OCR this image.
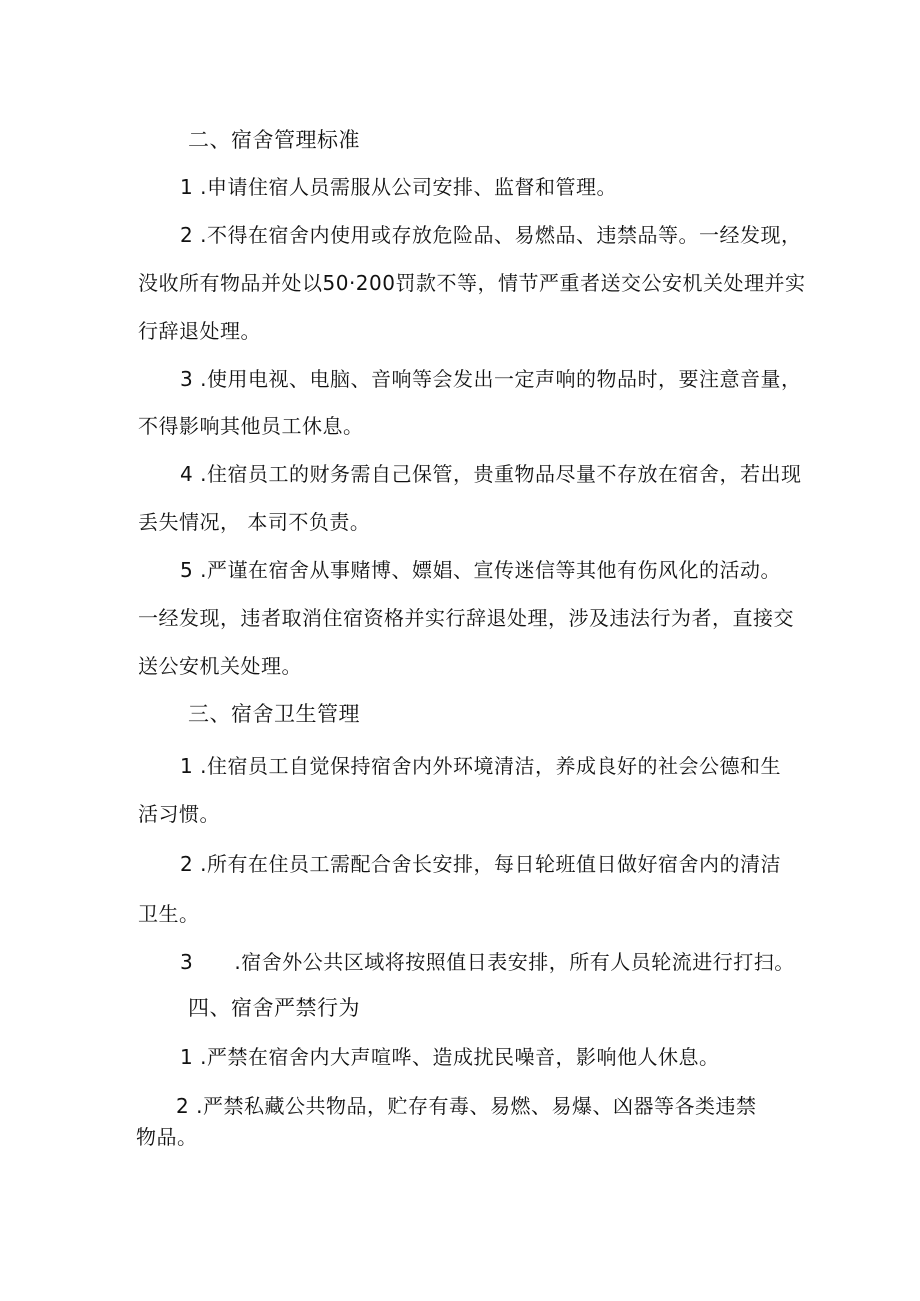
二、宿舍管理标准
1 .申请住宿人员需服从公司安排、监督和管理。
2 .不得在宿舍内使用或存放危险品、易燃品、违禁品等。一经发现，
没收所有物品并处以50·200罚款不等，情节严重者送交公安机关处理并实
行辞退处理。
3 .使用电视、电脑、音响等会发出一定声响的物品时，要注意音量，
不得影响其他员工休息。
4 .住宿员工的财务需自己保管，贵重物品尽量不存放在宿舍，若出现
丢失情况， 本司不负责。
5 .严谨在宿舍从事赌博、嫖娼、宣传迷信等其他有伤风化的活动。
一经发现，违者取消住宿资格并实行辞退处理，涉及违法行为者，直接交
送公安机关处理。
三、宿舍卫生管理
1 .住宿员工自觉保持宿舍内外环境清洁，养成良好的社会公德和生
活习惯。
2 .所有在住员工需配合舍长安排，每日轮班值日做好宿舍内的清洁
卫生。
3      .宿舍外公共区域将按照值日表安排，所有人员轮流进行打扫。
四、宿舍严禁行为
1 .严禁在宿舍内大声喧哗、造成扰民噪音，影响他人休息。
2 .严禁私藏公共物品，贮存有毒、易燃、易爆、凶器等各类违禁
物品。
